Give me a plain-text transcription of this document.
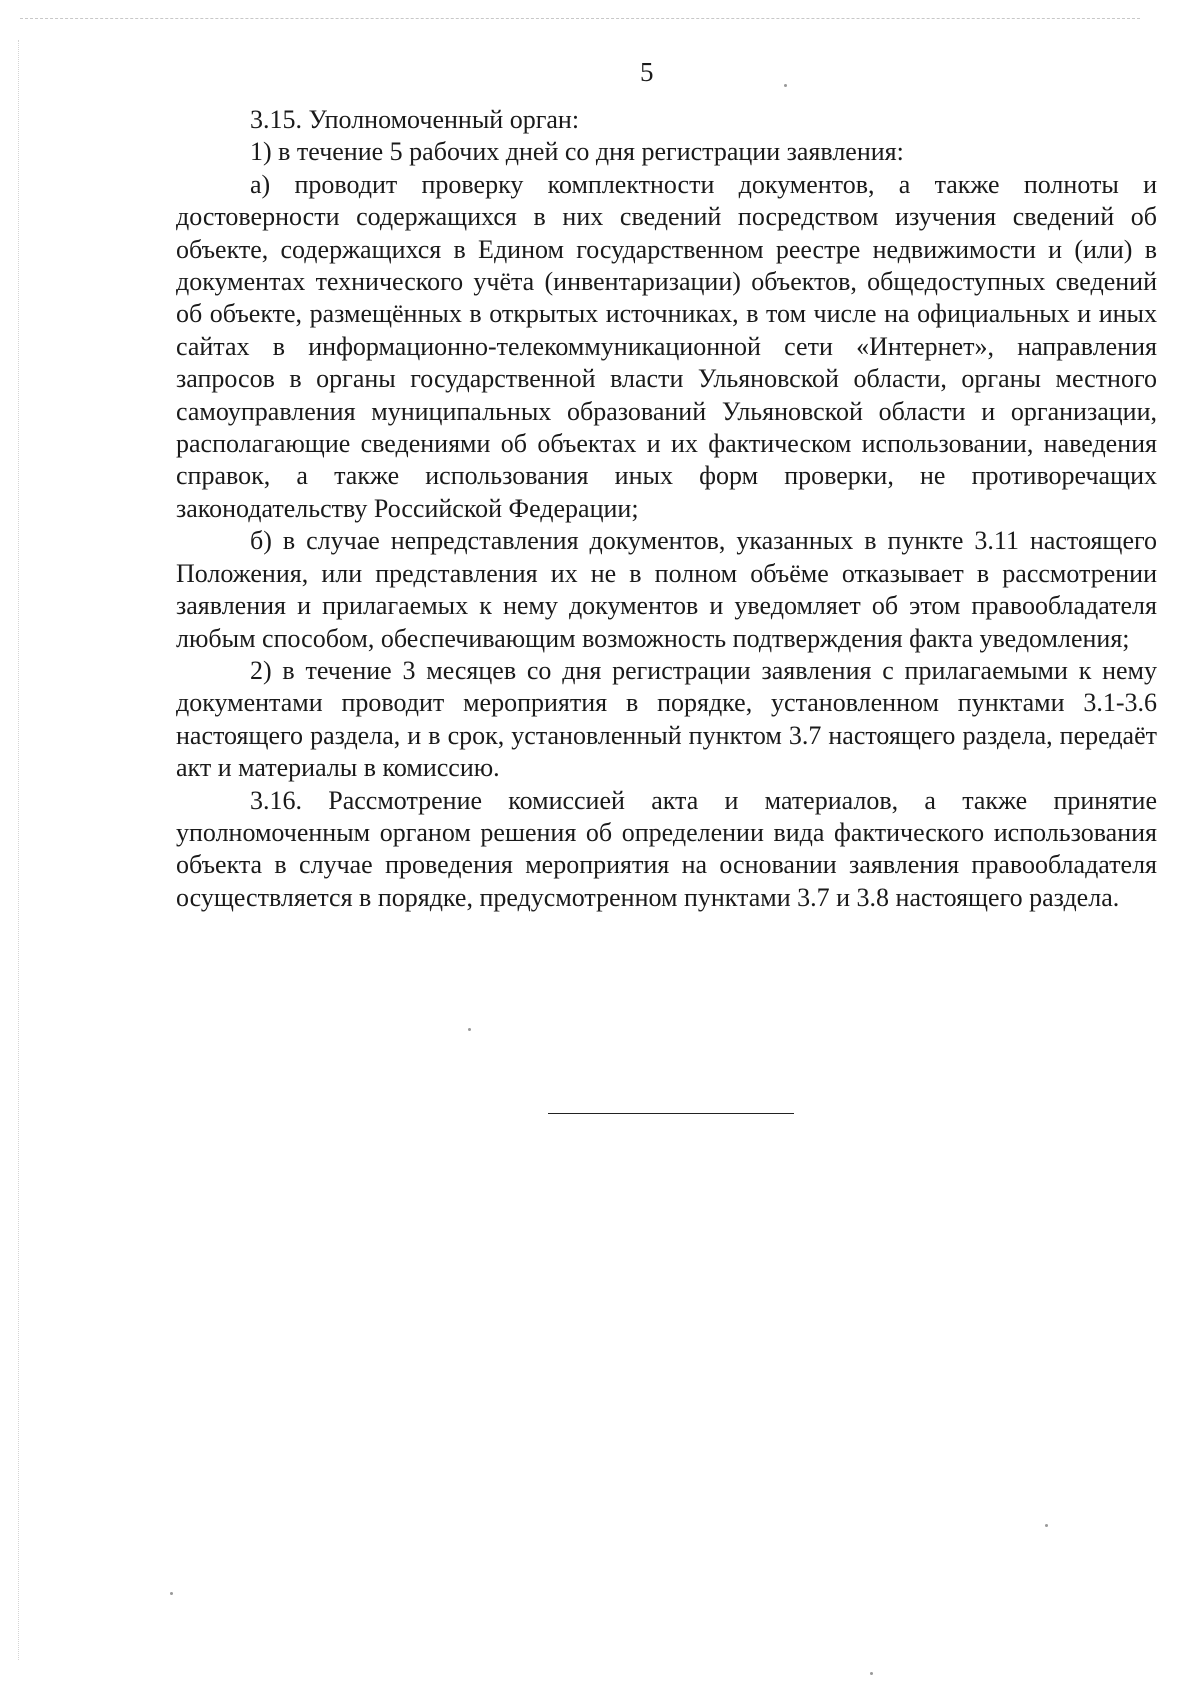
5

3.15. Уполномоченный орган:

1) в течение 5 рабочих дней со дня регистрации заявления:

а) проводит проверку комплектности документов, а также полноты и достоверности содержащихся в них сведений посредством изучения сведений об объекте, содержащихся в Едином государственном реестре недвижимости и (или) в документах технического учёта (инвентаризации) объектов, общедоступных сведений об объекте, размещённых в открытых источниках, в том числе на официальных и иных сайтах в информационно-телекоммуникационной сети «Интернет», направления запросов в органы государственной власти Ульяновской области, органы местного самоуправления муниципальных образований Ульяновской области и организации, располагающие сведениями об объектах и их фактическом использовании, наведения справок, а также использования иных форм проверки, не противоречащих законодательству Российской Федерации;

б) в случае непредставления документов, указанных в пункте 3.11 настоящего Положения, или представления их не в полном объёме отказывает в рассмотрении заявления и прилагаемых к нему документов и уведомляет об этом правообладателя любым способом, обеспечивающим возможность подтверждения факта уведомления;

2) в течение 3 месяцев со дня регистрации заявления с прилагаемыми к нему документами проводит мероприятия в порядке, установленном пунктами 3.1-3.6 настоящего раздела, и в срок, установленный пунктом 3.7 настоящего раздела, передаёт акт и материалы в комиссию.

3.16. Рассмотрение комиссией акта и материалов, а также принятие уполномоченным органом решения об определении вида фактического использования объекта в случае проведения мероприятия на основании заявления правообладателя осуществляется в порядке, предусмотренном пунктами 3.7 и 3.8 настоящего раздела.
